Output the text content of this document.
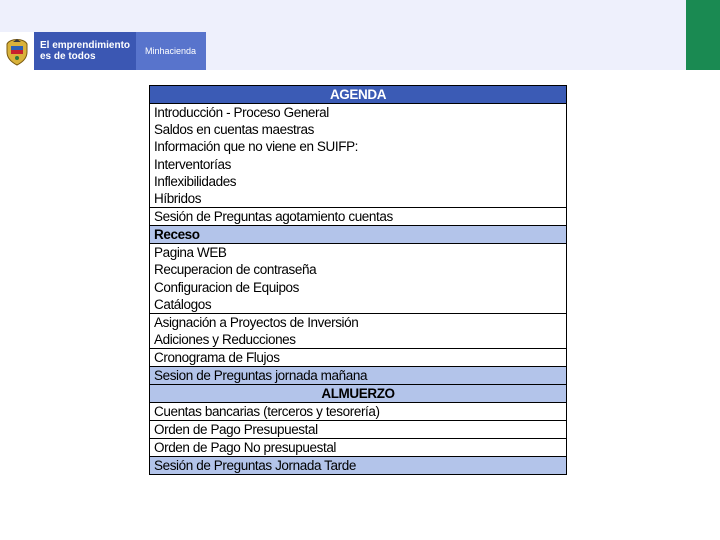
El emprendimiento
es de todos	Minhacienda
AGENDA
Introducción - Proceso General
Saldos en cuentas maestras
Información que no viene en SUIFP:
Interventorías
Inflexibilidades
Híbridos
Sesión de Preguntas agotamiento cuentas
Receso
Pagina WEB
Recuperacion de contraseña
Configuracion de Equipos
Catálogos
Asignación a Proyectos de Inversión
Adiciones y Reducciones
Cronograma de Flujos
Sesion de Preguntas jornada mañana
ALMUERZO
Cuentas bancarias (terceros y tesorería)
Orden de Pago Presupuestal
Orden de Pago No presupuestal
Sesión de Preguntas Jornada Tarde
